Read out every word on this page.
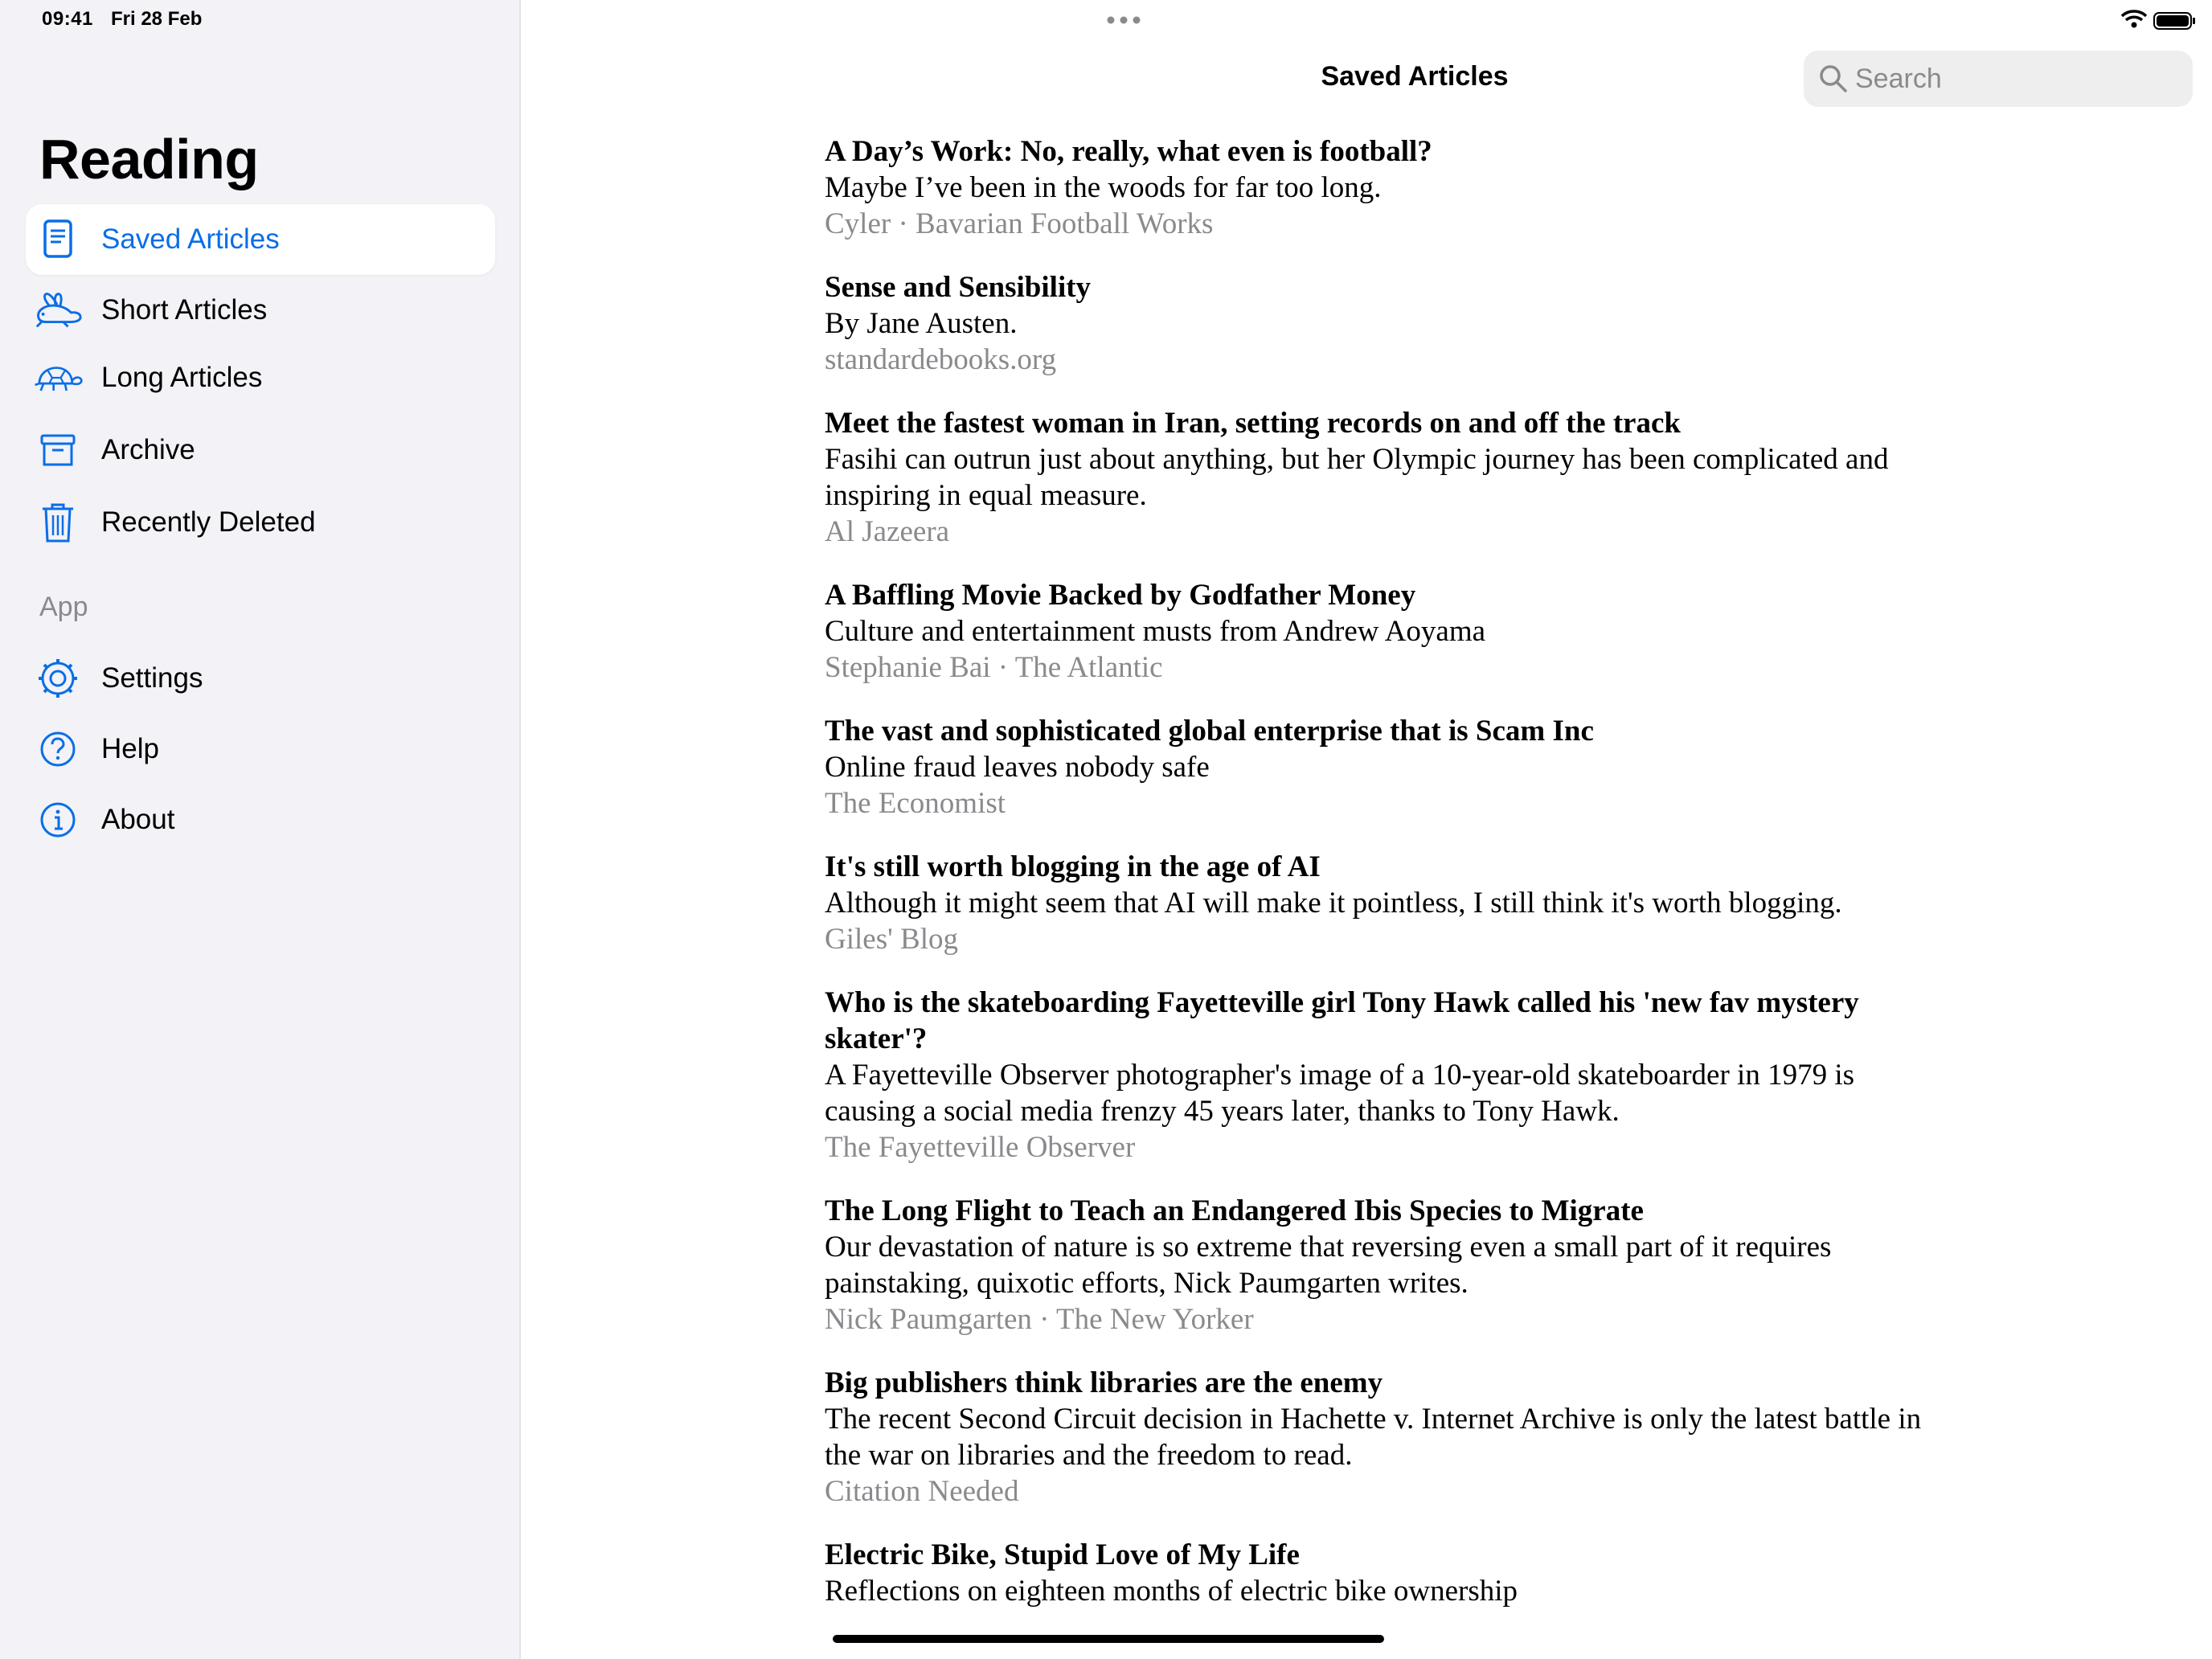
09:41 Fri 28 Feb
Reading
Saved Articles
Short Articles
Long Articles
Archive
Recently Deleted
App
Settings
Help
About
Saved Articles
Search
A Day’s Work: No, really, what even is football?
Maybe I’ve been in the woods for far too long.
Cyler · Bavarian Football Works
Sense and Sensibility
By Jane Austen.
standardebooks.org
Meet the fastest woman in Iran, setting records on and off the track
Fasihi can outrun just about anything, but her Olympic journey has been complicated and inspiring in equal measure.
Al Jazeera
A Baffling Movie Backed by Godfather Money
Culture and entertainment musts from Andrew Aoyama
Stephanie Bai · The Atlantic
The vast and sophisticated global enterprise that is Scam Inc
Online fraud leaves nobody safe
The Economist
It's still worth blogging in the age of AI
Although it might seem that AI will make it pointless, I still think it's worth blogging.
Giles' Blog
Who is the skateboarding Fayetteville girl Tony Hawk called his 'new fav mystery skater'?
A Fayetteville Observer photographer's image of a 10-year-old skateboarder in 1979 is causing a social media frenzy 45 years later, thanks to Tony Hawk.
The Fayetteville Observer
The Long Flight to Teach an Endangered Ibis Species to Migrate
Our devastation of nature is so extreme that reversing even a small part of it requires painstaking, quixotic efforts, Nick Paumgarten writes.
Nick Paumgarten · The New Yorker
Big publishers think libraries are the enemy
The recent Second Circuit decision in Hachette v. Internet Archive is only the latest battle in the war on libraries and the freedom to read.
Citation Needed
Electric Bike, Stupid Love of My Life
Reflections on eighteen months of electric bike ownership
